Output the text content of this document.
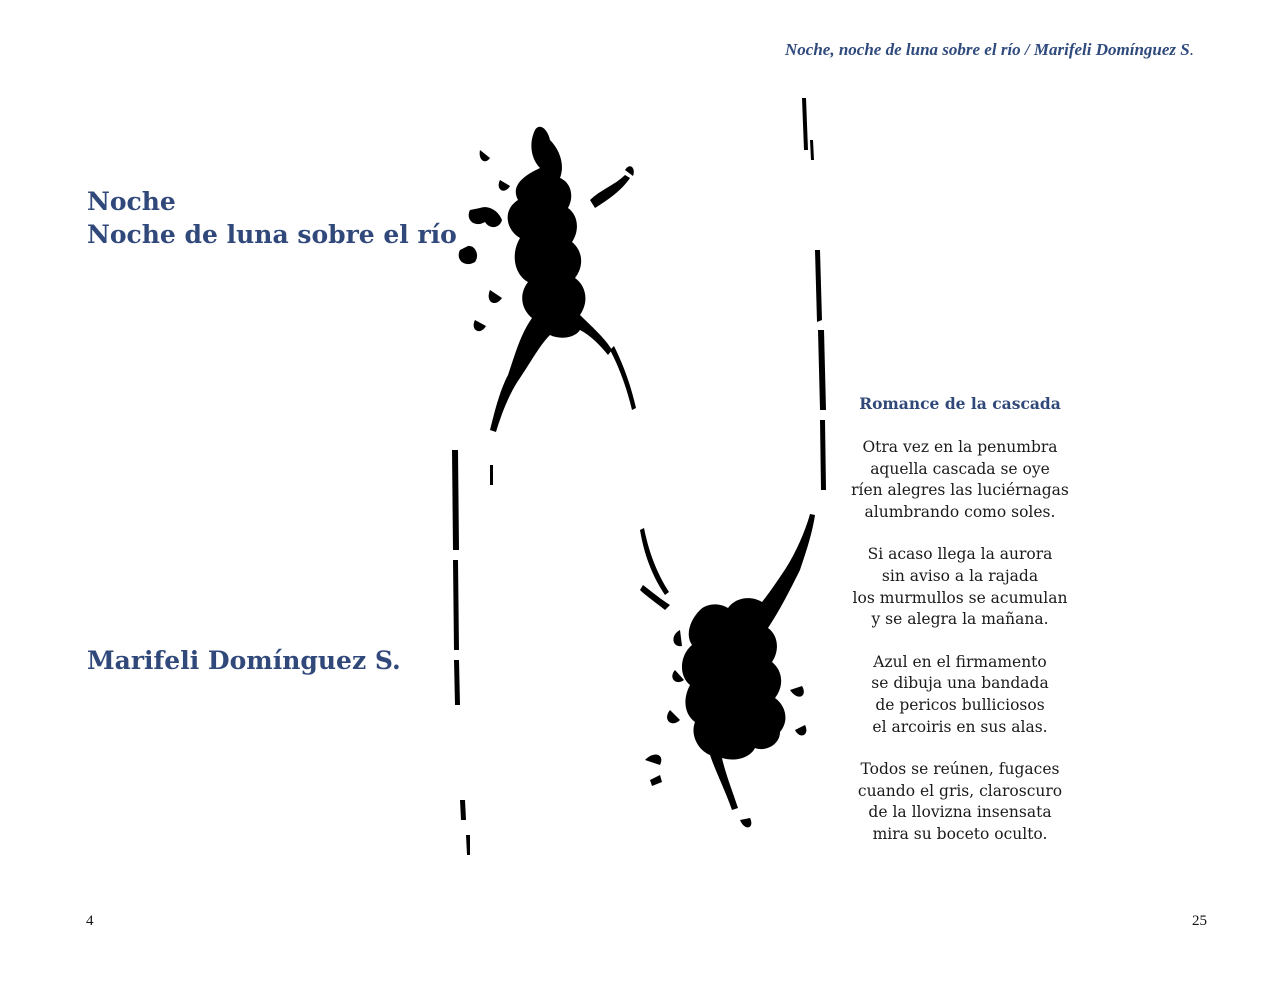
Noche, noche de luna sobre el río / Marifeli Domínguez S.
Noche
Noche de luna sobre el río
Marifeli Domínguez S.
Romance de la cascada
Otra vez en la penumbra
aquella cascada se oye
ríen alegres las luciérnagas
alumbrando como soles.
Si acaso llega la aurora
sin aviso a la rajada
los murmullos se acumulan
y se alegra la mañana.
Azul en el firmamento
se dibuja una bandada
de pericos bulliciosos
el arcoiris en sus alas.
Todos se reúnen, fugaces
cuando el gris, claroscuro
de la llovizna insensata
mira su boceto oculto.
4	25
